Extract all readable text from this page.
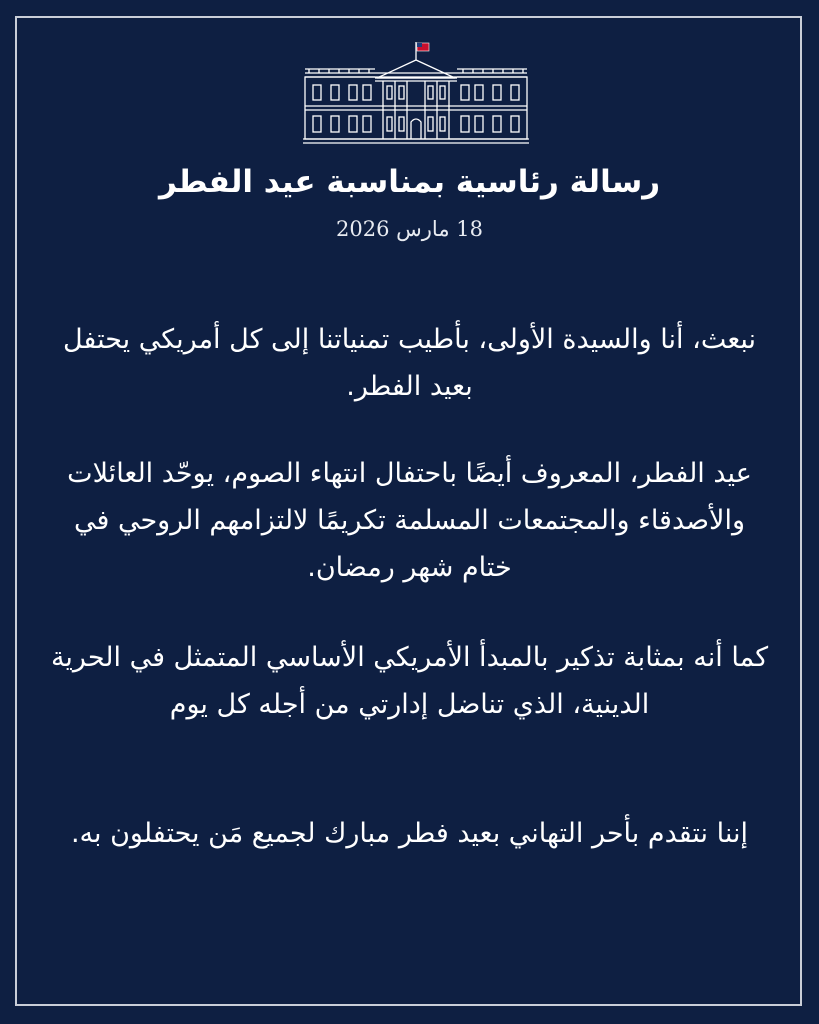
رسالة رئاسية بمناسبة عيد الفطر
18 مارس 2026

نبعث، أنا والسيدة الأولى، بأطيب تمنياتنا إلى كل أمريكي يحتفل بعيد الفطر.

عيد الفطر، المعروف أيضًا باحتفال انتهاء الصوم، يوحّد العائلات والأصدقاء والمجتمعات المسلمة تكريمًا لالتزامهم الروحي في ختام شهر رمضان.

كما أنه بمثابة تذكير بالمبدأ الأمريكي الأساسي المتمثل في الحرية الدينية، الذي تناضل إدارتي من أجله كل يوم

إننا نتقدم بأحر التهاني بعيد فطر مبارك لجميع مَن يحتفلون به.
